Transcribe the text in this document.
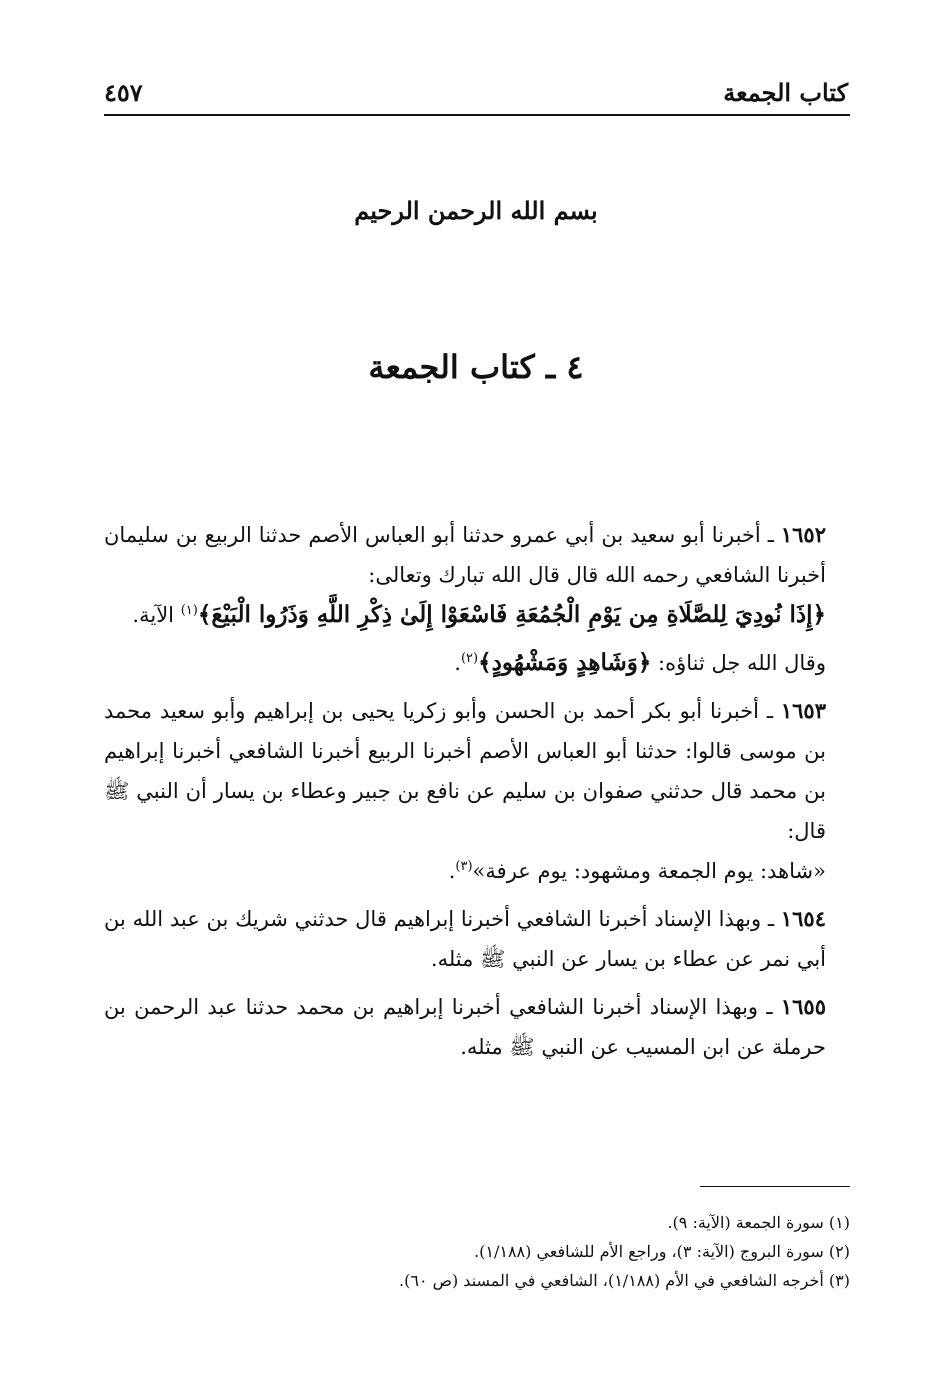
كتاب الجمعة
٤٥٧
بسم الله الرحمن الرحيم
٤ ـ كتاب الجمعة

١٦٥٢ ـ أخبرنا أبو سعيد بن أبي عمرو حدثنا أبو العباس الأصم حدثنا الربيع بن سليمان أخبرنا الشافعي رحمه الله قال قال الله تبارك وتعالى:
﴿إِذَا نُودِيَ لِلصَّلَاةِ مِن يَوْمِ الْجُمُعَةِ فَاسْعَوْا إِلَىٰ ذِكْرِ اللَّهِ وَذَرُوا الْبَيْعَ﴾$^{(١)}$ الآية.

وقال الله جل ثناؤه: ﴿وَشَاهِدٍ وَمَشْهُودٍ﴾$^{(٢)}$.

١٦٥٣ ـ أخبرنا أبو بكر أحمد بن الحسن وأبو زكريا يحيى بن إبراهيم وأبو سعيد محمد بن موسى قالوا: حدثنا أبو العباس الأصم أخبرنا الربيع أخبرنا الشافعي أخبرنا إبراهيم بن محمد قال حدثني صفوان بن سليم عن نافع بن جبير وعطاء بن يسار أن النبي ﷺ قال:
«شاهد: يوم الجمعة ومشهود: يوم عرفة»$^{(٣)}$.

١٦٥٤ ـ وبهذا الإسناد أخبرنا الشافعي أخبرنا إبراهيم قال حدثني شريك بن عبد الله بن أبي نمر عن عطاء بن يسار عن النبي ﷺ مثله.

١٦٥٥ ـ وبهذا الإسناد أخبرنا الشافعي أخبرنا إبراهيم بن محمد حدثنا عبد الرحمن بن حرملة عن ابن المسيب عن النبي ﷺ مثله.

(١) سورة الجمعة (الآية: ٩).
(٢) سورة البروج (الآية: ٣)، وراجع الأم للشافعي (١/١٨٨).
(٣) أخرجه الشافعي في الأم (١/١٨٨)، الشافعي في المسند (ص ٦٠).
